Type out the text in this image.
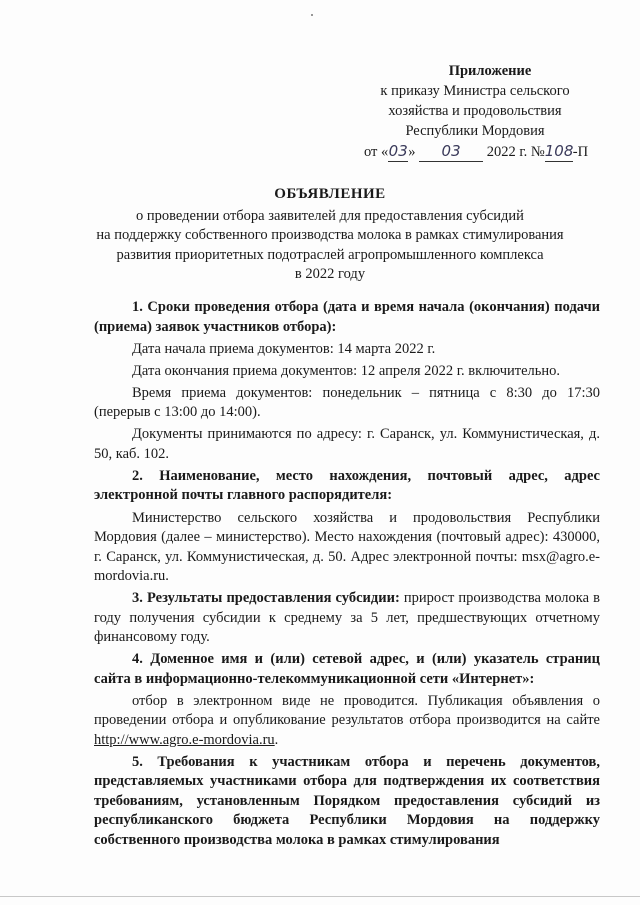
Приложение
к приказу Министра сельского
хозяйства и продовольствия
Республики Мордовия
от «03» 03 2022 г. №108-П
ОБЪЯВЛЕНИЕ
о проведении отбора заявителей для предоставления субсидий
на поддержку собственного производства молока в рамках стимулирования
развития приоритетных подотраслей агропромышленного комплекса
в 2022 году

1. Сроки проведения отбора (дата и время начала (окончания) подачи (приема) заявок участников отбора):

Дата начала приема документов: 14 марта 2022 г.

Дата окончания приема документов: 12 апреля 2022 г. включительно.

Время приема документов: понедельник – пятница с 8:30 до 17:30 (перерыв с 13:00 до 14:00).

Документы принимаются по адресу: г. Саранск, ул. Коммунистическая, д. 50, каб. 102.

2. Наименование, место нахождения, почтовый адрес, адрес электронной почты главного распорядителя:

Министерство сельского хозяйства и продовольствия Республики Мордовия (далее – министерство). Место нахождения (почтовый адрес): 430000, г. Саранск, ул. Коммунистическая, д. 50. Адрес электронной почты: msx@agro.e-mordovia.ru.

3. Результаты предоставления субсидии: прирост производства молока в году получения субсидии к среднему за 5 лет, предшествующих отчетному финансовому году.

4. Доменное имя и (или) сетевой адрес, и (или) указатель страниц сайта в информационно-телекоммуникационной сети «Интернет»:

отбор в электронном виде не проводится. Публикация объявления о проведении отбора и опубликование результатов отбора производится на сайте http://www.agro.e-mordovia.ru.

5. Требования к участникам отбора и перечень документов, представляемых участниками отбора для подтверждения их соответствия требованиям, установленным Порядком предоставления субсидий из республиканского бюджета Республики Мордовия на поддержку собственного производства молока в рамках стимулирования
